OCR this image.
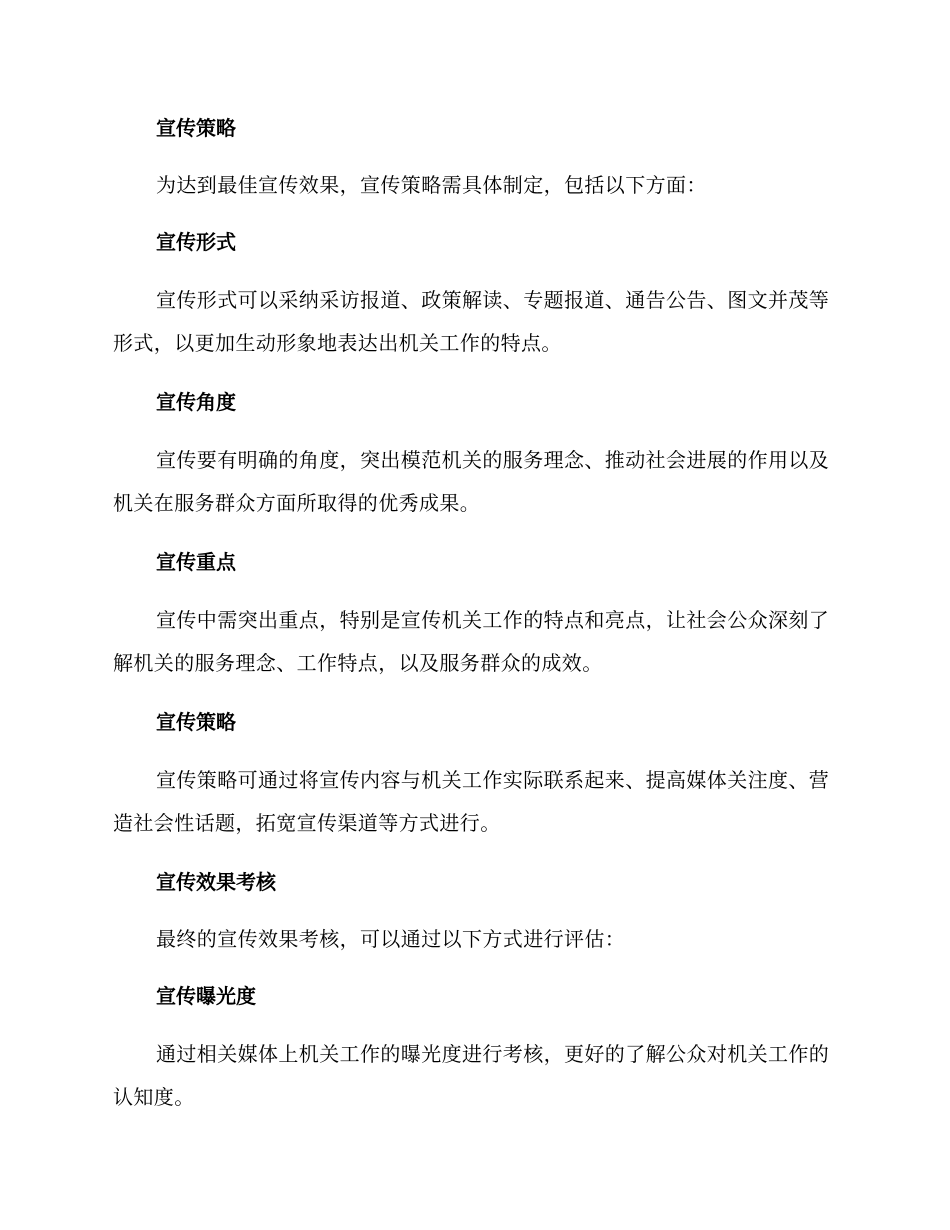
宣传策略

为达到最佳宣传效果，宣传策略需具体制定，包括以下方面：

宣传形式

宣传形式可以采纳采访报道、政策解读、专题报道、通告公告、图文并茂等形式，以更加生动形象地表达出机关工作的特点。

宣传角度

宣传要有明确的角度，突出模范机关的服务理念、推动社会进展的作用以及机关在服务群众方面所取得的优秀成果。

宣传重点

宣传中需突出重点，特别是宣传机关工作的特点和亮点，让社会公众深刻了解机关的服务理念、工作特点，以及服务群众的成效。

宣传策略

宣传策略可通过将宣传内容与机关工作实际联系起来、提高媒体关注度、营造社会性话题，拓宽宣传渠道等方式进行。

宣传效果考核

最终的宣传效果考核，可以通过以下方式进行评估：

宣传曝光度

通过相关媒体上机关工作的曝光度进行考核，更好的了解公众对机关工作的认知度。
